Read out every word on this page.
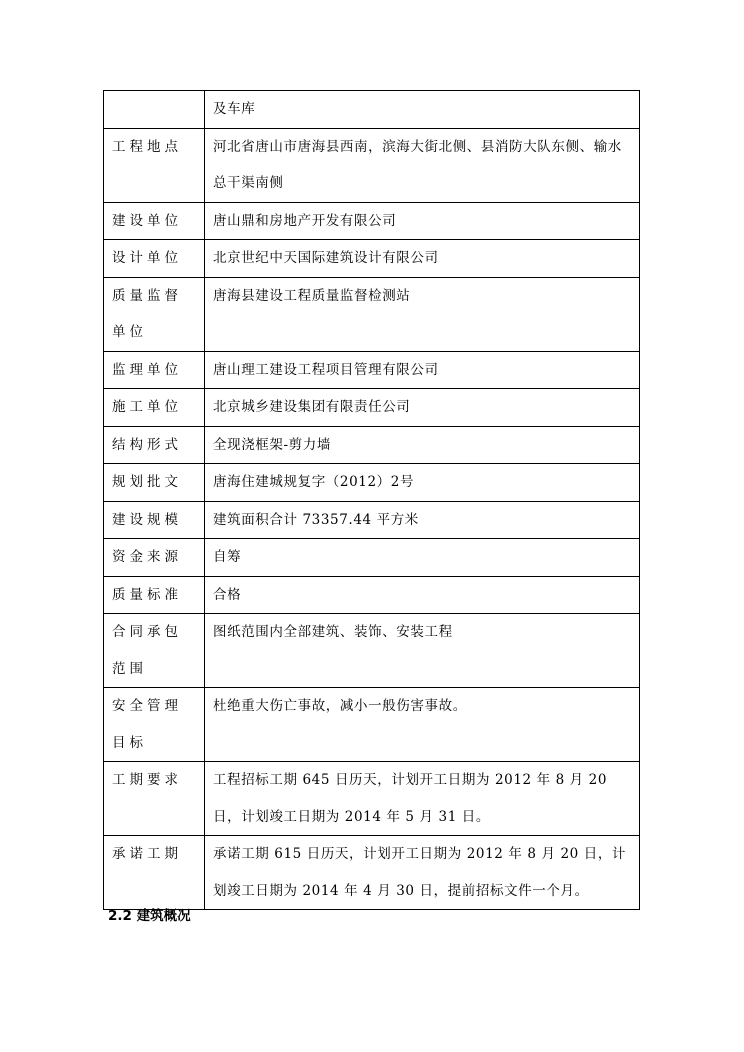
	及车库
工程地点	河北省唐山市唐海县西南，滨海大街北侧、县消防大队东侧、输水总干渠南侧
建设单位	唐山鼎和房地产开发有限公司
设计单位	北京世纪中天国际建筑设计有限公司
质量监督单位	唐海县建设工程质量监督检测站
监理单位	唐山理工建设工程项目管理有限公司
施工单位	北京城乡建设集团有限责任公司
结构形式	全现浇框架-剪力墙
规划批文	唐海住建城规复字（2012）2号
建设规模	建筑面积合计 73357.44 平方米
资金来源	自筹
质量标准	合格
合同承包范围	图纸范围内全部建筑、装饰、安装工程
安全管理目标	杜绝重大伤亡事故，减小一般伤害事故。
工期要求	工程招标工期 645 日历天，计划开工日期为 2012 年 8 月 20 日，计划竣工日期为 2014 年 5 月 31 日。
承诺工期	承诺工期 615 日历天，计划开工日期为 2012 年 8 月 20 日，计划竣工日期为 2014 年 4 月 30 日，提前招标文件一个月。
2.2 建筑概况
